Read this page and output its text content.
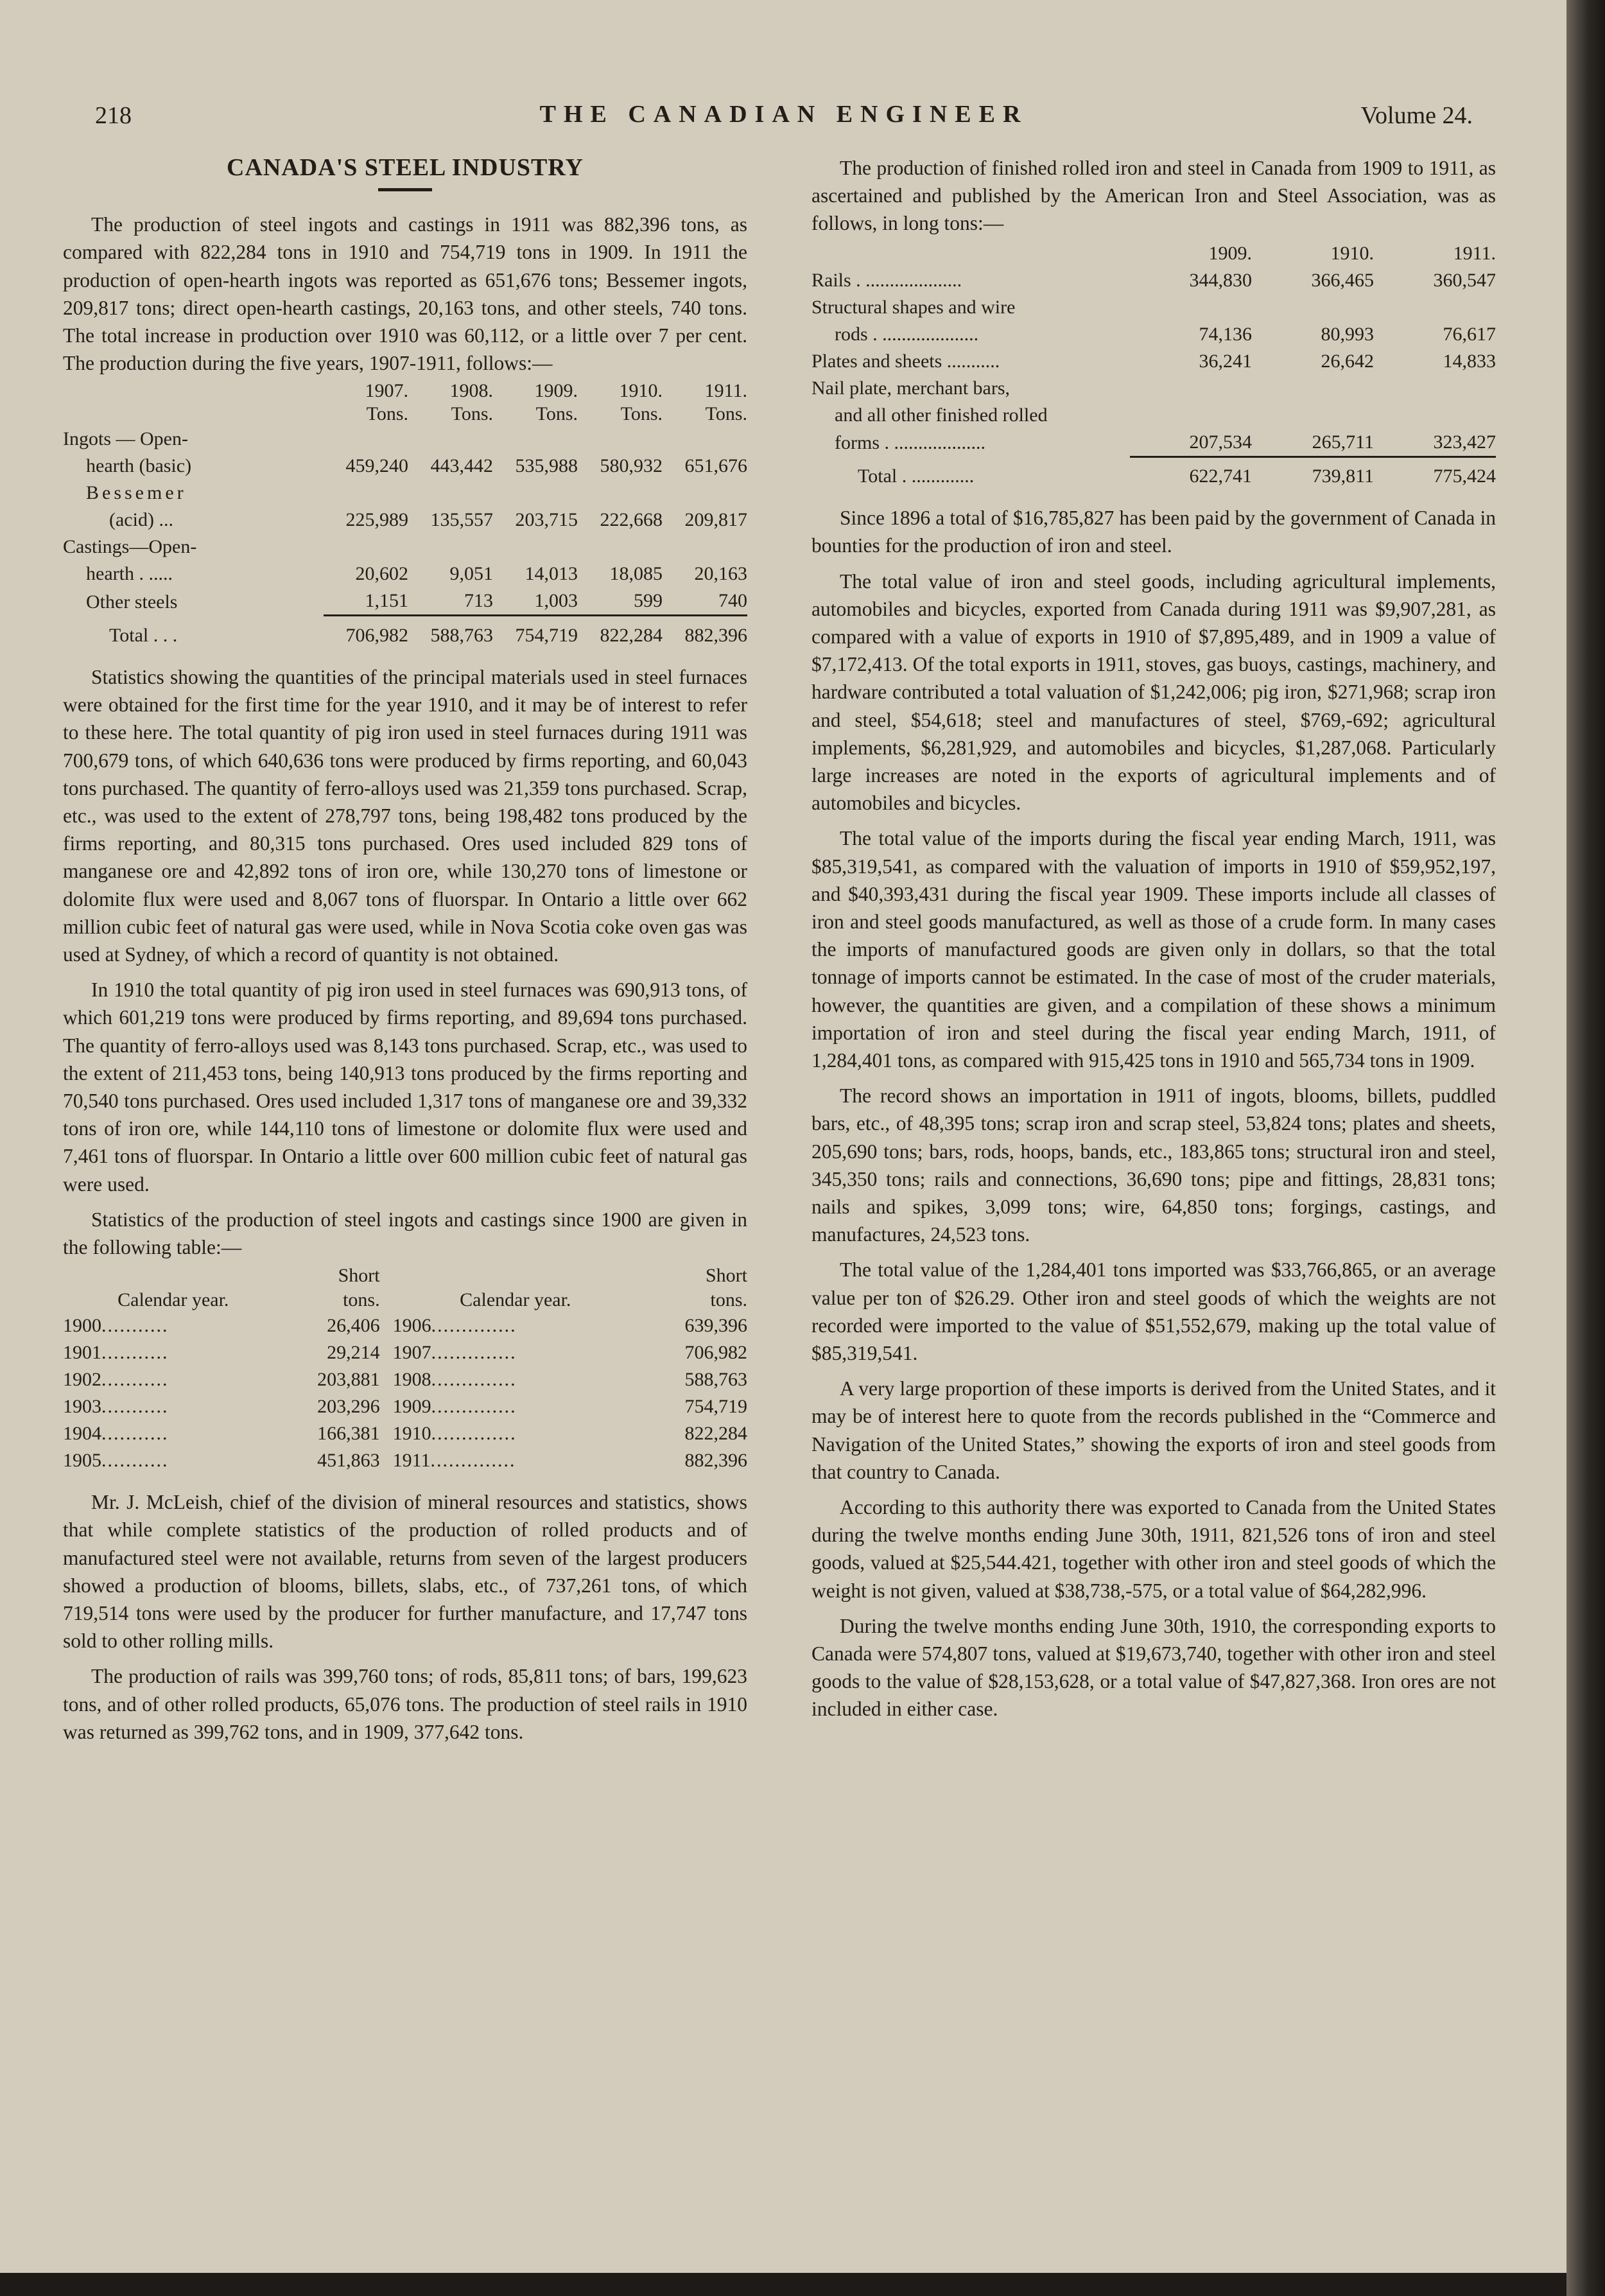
218	THE CANADIAN ENGINEER	Volume 24.
CANADA'S STEEL INDUSTRY

The production of steel ingots and castings in 1911 was 882,396 tons, as compared with 822,284 tons in 1910 and 754,719 tons in 1909. In 1911 the production of open-hearth ingots was reported as 651,676 tons; Bessemer ingots, 209,817 tons; direct open-hearth castings, 20,163 tons, and other steels, 740 tons. The total increase in production over 1910 was 60,112, or a little over 7 per cent. The production during the five years, 1907-1911, follows:—

	1907.	1908.	1909.	1910.	1911.
	Tons.	Tons.	Tons.	Tons.	Tons.
Ingots — Open-					
hearth (basic)	459,240	443,442	535,988	580,932	651,676
Bessemer					
(acid) ...	225,989	135,557	203,715	222,668	209,817
Castings—Open-					
hearth . .....	20,602	9,051	14,013	18,085	20,163
Other steels	1,151	713	1,003	599	740
Total . . .	706,982	588,763	754,719	822,284	882,396

Statistics showing the quantities of the principal materials used in steel furnaces were obtained for the first time for the year 1910, and it may be of interest to refer to these here. The total quantity of pig iron used in steel furnaces during 1911 was 700,679 tons, of which 640,636 tons were produced by firms reporting, and 60,043 tons purchased. The quantity of ferro-alloys used was 21,359 tons purchased. Scrap, etc., was used to the extent of 278,797 tons, being 198,482 tons produced by the firms reporting, and 80,315 tons purchased. Ores used included 829 tons of manganese ore and 42,892 tons of iron ore, while 130,270 tons of limestone or dolomite flux were used and 8,067 tons of fluorspar. In Ontario a little over 662 million cubic feet of natural gas were used, while in Nova Scotia coke oven gas was used at Sydney, of which a record of quantity is not obtained.

In 1910 the total quantity of pig iron used in steel furnaces was 690,913 tons, of which 601,219 tons were produced by firms reporting, and 89,694 tons purchased. The quantity of ferro-alloys used was 8,143 tons purchased. Scrap, etc., was used to the extent of 211,453 tons, being 140,913 tons produced by the firms reporting and 70,540 tons purchased. Ores used included 1,317 tons of manganese ore and 39,332 tons of iron ore, while 144,110 tons of limestone or dolomite flux were used and 7,461 tons of fluorspar. In Ontario a little over 600 million cubic feet of natural gas were used.

Statistics of the production of steel ingots and castings since 1900 are given in the following table:—

	Short		Short
Calendar year.	tons.	Calendar year.	tons.
1900...........	26,406	1906..............	639,396
1901...........	29,214	1907..............	706,982
1902...........	203,881	1908..............	588,763
1903...........	203,296	1909..............	754,719
1904...........	166,381	1910..............	822,284
1905...........	451,863	1911..............	882,396

Mr. J. McLeish, chief of the division of mineral resources and statistics, shows that while complete statistics of the production of rolled products and of manufactured steel were not available, returns from seven of the largest producers showed a production of blooms, billets, slabs, etc., of 737,261 tons, of which 719,514 tons were used by the producer for further manufacture, and 17,747 tons sold to other rolling mills.

The production of rails was 399,760 tons; of rods, 85,811 tons; of bars, 199,623 tons, and of other rolled products, 65,076 tons. The production of steel rails in 1910 was returned as 399,762 tons, and in 1909, 377,642 tons.

The production of finished rolled iron and steel in Canada from 1909 to 1911, as ascertained and published by the American Iron and Steel Association, was as follows, in long tons:—

	1909.	1910.	1911.
Rails . ....................	344,830	366,465	360,547
Structural shapes and wire			
rods . ....................	74,136	80,993	76,617
Plates and sheets ...........	36,241	26,642	14,833
Nail plate, merchant bars,			
and all other finished rolled			
forms . ...................	207,534	265,711	323,427
Total . .............	622,741	739,811	775,424

Since 1896 a total of $16,785,827 has been paid by the government of Canada in bounties for the production of iron and steel.

The total value of iron and steel goods, including agricultural implements, automobiles and bicycles, exported from Canada during 1911 was $9,907,281, as compared with a value of exports in 1910 of $7,895,489, and in 1909 a value of $7,172,413. Of the total exports in 1911, stoves, gas buoys, castings, machinery, and hardware contributed a total valuation of $1,242,006; pig iron, $271,968; scrap iron and steel, $54,618; steel and manufactures of steel, $769,-692; agricultural implements, $6,281,929, and automobiles and bicycles, $1,287,068. Particularly large increases are noted in the exports of agricultural implements and of automobiles and bicycles.

The total value of the imports during the fiscal year ending March, 1911, was $85,319,541, as compared with the valuation of imports in 1910 of $59,952,197, and $40,393,431 during the fiscal year 1909. These imports include all classes of iron and steel goods manufactured, as well as those of a crude form. In many cases the imports of manufactured goods are given only in dollars, so that the total tonnage of imports cannot be estimated. In the case of most of the cruder materials, however, the quantities are given, and a compilation of these shows a minimum importation of iron and steel during the fiscal year ending March, 1911, of 1,284,401 tons, as compared with 915,425 tons in 1910 and 565,734 tons in 1909.

The record shows an importation in 1911 of ingots, blooms, billets, puddled bars, etc., of 48,395 tons; scrap iron and scrap steel, 53,824 tons; plates and sheets, 205,690 tons; bars, rods, hoops, bands, etc., 183,865 tons; structural iron and steel, 345,350 tons; rails and connections, 36,690 tons; pipe and fittings, 28,831 tons; nails and spikes, 3,099 tons; wire, 64,850 tons; forgings, castings, and manufactures, 24,523 tons.

The total value of the 1,284,401 tons imported was $33,766,865, or an average value per ton of $26.29. Other iron and steel goods of which the weights are not recorded were imported to the value of $51,552,679, making up the total value of $85,319,541.

A very large proportion of these imports is derived from the United States, and it may be of interest here to quote from the records published in the “Commerce and Navigation of the United States,” showing the exports of iron and steel goods from that country to Canada.

According to this authority there was exported to Canada from the United States during the twelve months ending June 30th, 1911, 821,526 tons of iron and steel goods, valued at $25,544.421, together with other iron and steel goods of which the weight is not given, valued at $38,738,-575, or a total value of $64,282,996.

During the twelve months ending June 30th, 1910, the corresponding exports to Canada were 574,807 tons, valued at $19,673,740, together with other iron and steel goods to the value of $28,153,628, or a total value of $47,827,368. Iron ores are not included in either case.
